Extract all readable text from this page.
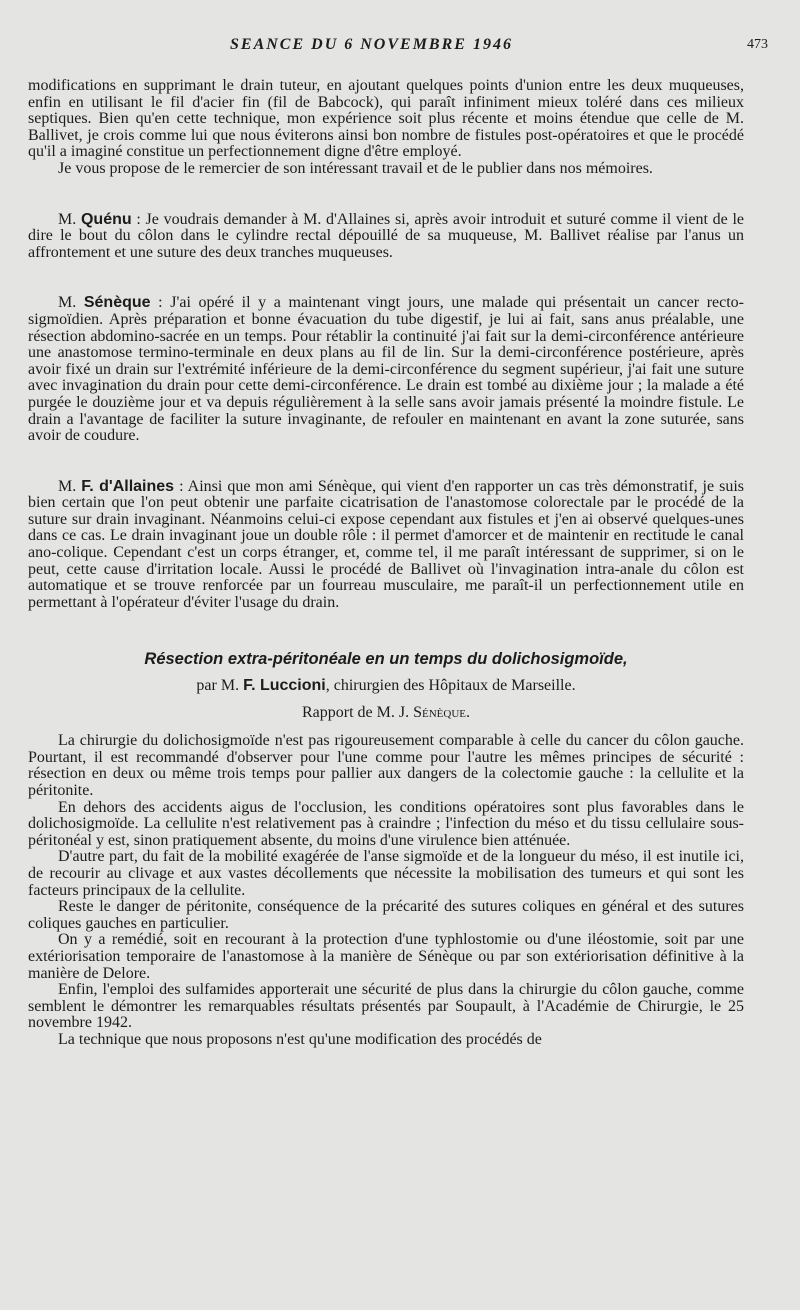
SEANCE DU 6 NOVEMBRE 1946	473

modifications en supprimant le drain tuteur, en ajoutant quelques points d'union entre les deux muqueuses, enfin en utilisant le fil d'acier fin (fil de Babcock), qui paraît infiniment mieux toléré dans ces milieux septiques. Bien qu'en cette technique, mon expérience soit plus récente et moins étendue que celle de M. Ballivet, je crois comme lui que nous éviterons ainsi bon nombre de fistules post-opératoires et que le procédé qu'il a imaginé constitue un perfectionnement digne d'être employé.

Je vous propose de le remercier de son intéressant travail et de le publier dans nos mémoires.

M. Quénu : Je voudrais demander à M. d'Allaines si, après avoir introduit et suturé comme il vient de le dire le bout du côlon dans le cylindre rectal dépouillé de sa muqueuse, M. Ballivet réalise par l'anus un affrontement et une suture des deux tranches muqueuses.

M. Sénèque : J'ai opéré il y a maintenant vingt jours, une malade qui présentait un cancer recto-sigmoïdien. Après préparation et bonne évacuation du tube digestif, je lui ai fait, sans anus préalable, une résection abdomino-sacrée en un temps. Pour rétablir la continuité j'ai fait sur la demi-circonférence antérieure une anastomose termino-terminale en deux plans au fil de lin. Sur la demi-circonférence postérieure, après avoir fixé un drain sur l'extrémité inférieure de la demi-circonférence du segment supérieur, j'ai fait une suture avec invagination du drain pour cette demi-circonférence. Le drain est tombé au dixième jour ; la malade a été purgée le douzième jour et va depuis régulièrement à la selle sans avoir jamais présenté la moindre fistule. Le drain a l'avantage de faciliter la suture invaginante, de refouler en maintenant en avant la zone suturée, sans avoir de coudure.

M. F. d'Allaines : Ainsi que mon ami Sénèque, qui vient d'en rapporter un cas très démonstratif, je suis bien certain que l'on peut obtenir une parfaite cicatrisation de l'anastomose colorectale par le procédé de la suture sur drain invaginant. Néanmoins celui-ci expose cependant aux fistules et j'en ai observé quelques-unes dans ce cas. Le drain invaginant joue un double rôle : il permet d'amorcer et de maintenir en rectitude le canal ano-colique. Cependant c'est un corps étranger, et, comme tel, il me paraît intéressant de supprimer, si on le peut, cette cause d'irritation locale. Aussi le procédé de Ballivet où l'invagination intra-anale du côlon est automatique et se trouve renforcée par un fourreau musculaire, me paraît-il un perfectionnement utile en permettant à l'opérateur d'éviter l'usage du drain.

Résection extra-péritonéale en un temps du dolichosigmoïde,
par M. F. Luccioni, chirurgien des Hôpitaux de Marseille.
Rapport de M. J. Sénèque.

La chirurgie du dolichosigmoïde n'est pas rigoureusement comparable à celle du cancer du côlon gauche. Pourtant, il est recommandé d'observer pour l'une comme pour l'autre les mêmes principes de sécurité : résection en deux ou même trois temps pour pallier aux dangers de la colectomie gauche : la cellulite et la péritonite.

En dehors des accidents aigus de l'occlusion, les conditions opératoires sont plus favorables dans le dolichosigmoïde. La cellulite n'est relativement pas à craindre ; l'infection du méso et du tissu cellulaire sous-péritonéal y est, sinon pratiquement absente, du moins d'une virulence bien atténuée.

D'autre part, du fait de la mobilité exagérée de l'anse sigmoïde et de la longueur du méso, il est inutile ici, de recourir au clivage et aux vastes décollements que nécessite la mobilisation des tumeurs et qui sont les facteurs principaux de la cellulite.

Reste le danger de péritonite, conséquence de la précarité des sutures coliques en général et des sutures coliques gauches en particulier.

On y a remédié, soit en recourant à la protection d'une typhlostomie ou d'une iléostomie, soit par une extériorisation temporaire de l'anastomose à la manière de Sénèque ou par son extériorisation définitive à la manière de Delore.

Enfin, l'emploi des sulfamides apporterait une sécurité de plus dans la chirurgie du côlon gauche, comme semblent le démontrer les remarquables résultats présentés par Soupault, à l'Académie de Chirurgie, le 25 novembre 1942.

La technique que nous proposons n'est qu'une modification des procédés de
